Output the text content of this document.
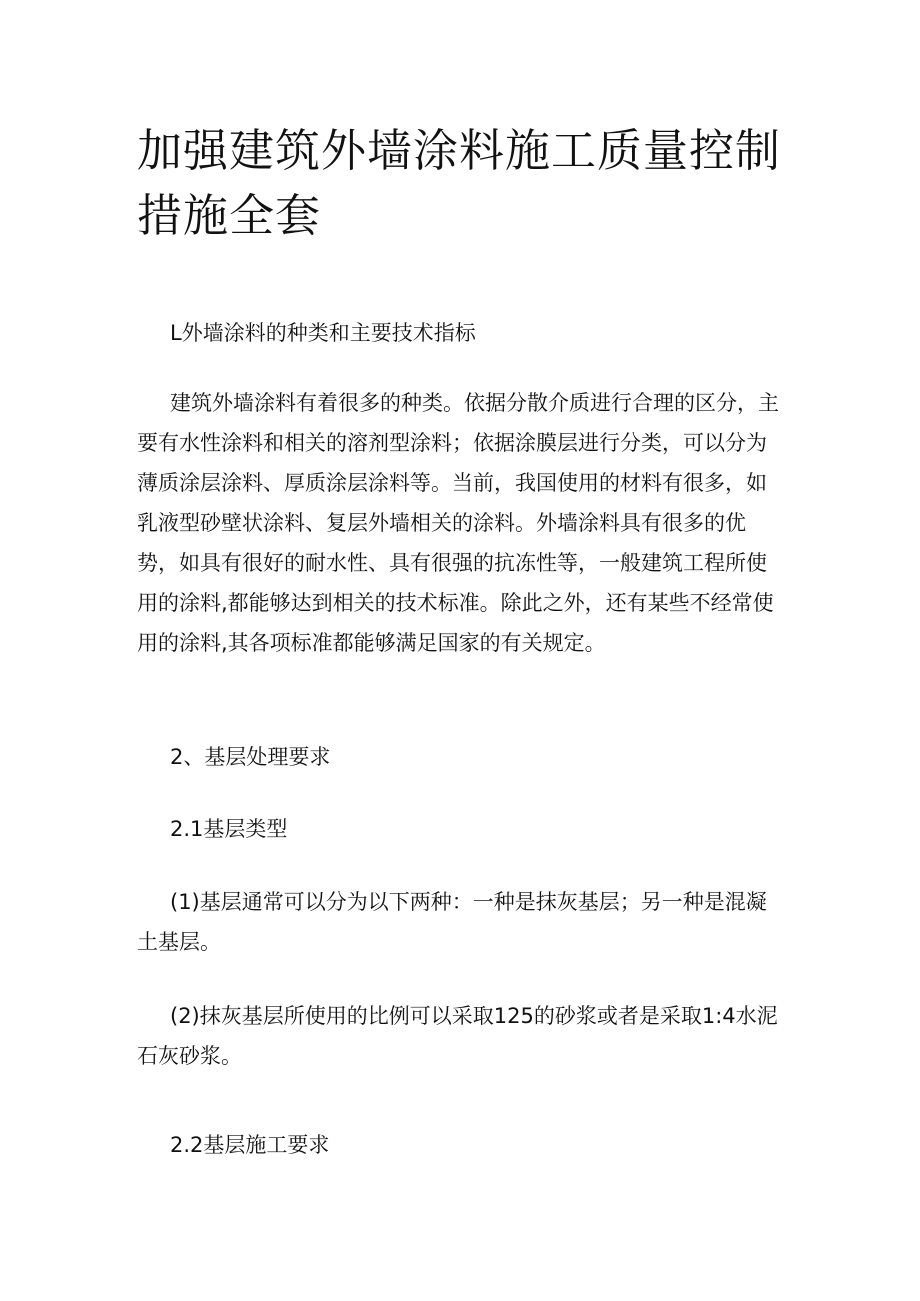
加强建筑外墙涂料施工质量控制措施全套

L外墙涂料的种类和主要技术指标

建筑外墙涂料有着很多的种类。依据分散介质进行合理的区分，主要有水性涂料和相关的溶剂型涂料；依据涂膜层进行分类，可以分为薄质涂层涂料、厚质涂层涂料等。当前，我国使用的材料有很多，如乳液型砂壁状涂料、复层外墙相关的涂料。外墙涂料具有很多的优势，如具有很好的耐水性、具有很强的抗冻性等，一般建筑工程所使用的涂料,都能够达到相关的技术标准。除此之外，还有某些不经常使用的涂料,其各项标准都能够满足国家的有关规定。

2、基层处理要求

2.1基层类型

(1)基层通常可以分为以下两种：一种是抹灰基层；另一种是混凝土基层。

(2)抹灰基层所使用的比例可以采取125的砂浆或者是采取1:4水泥石灰砂浆。

2.2基层施工要求
